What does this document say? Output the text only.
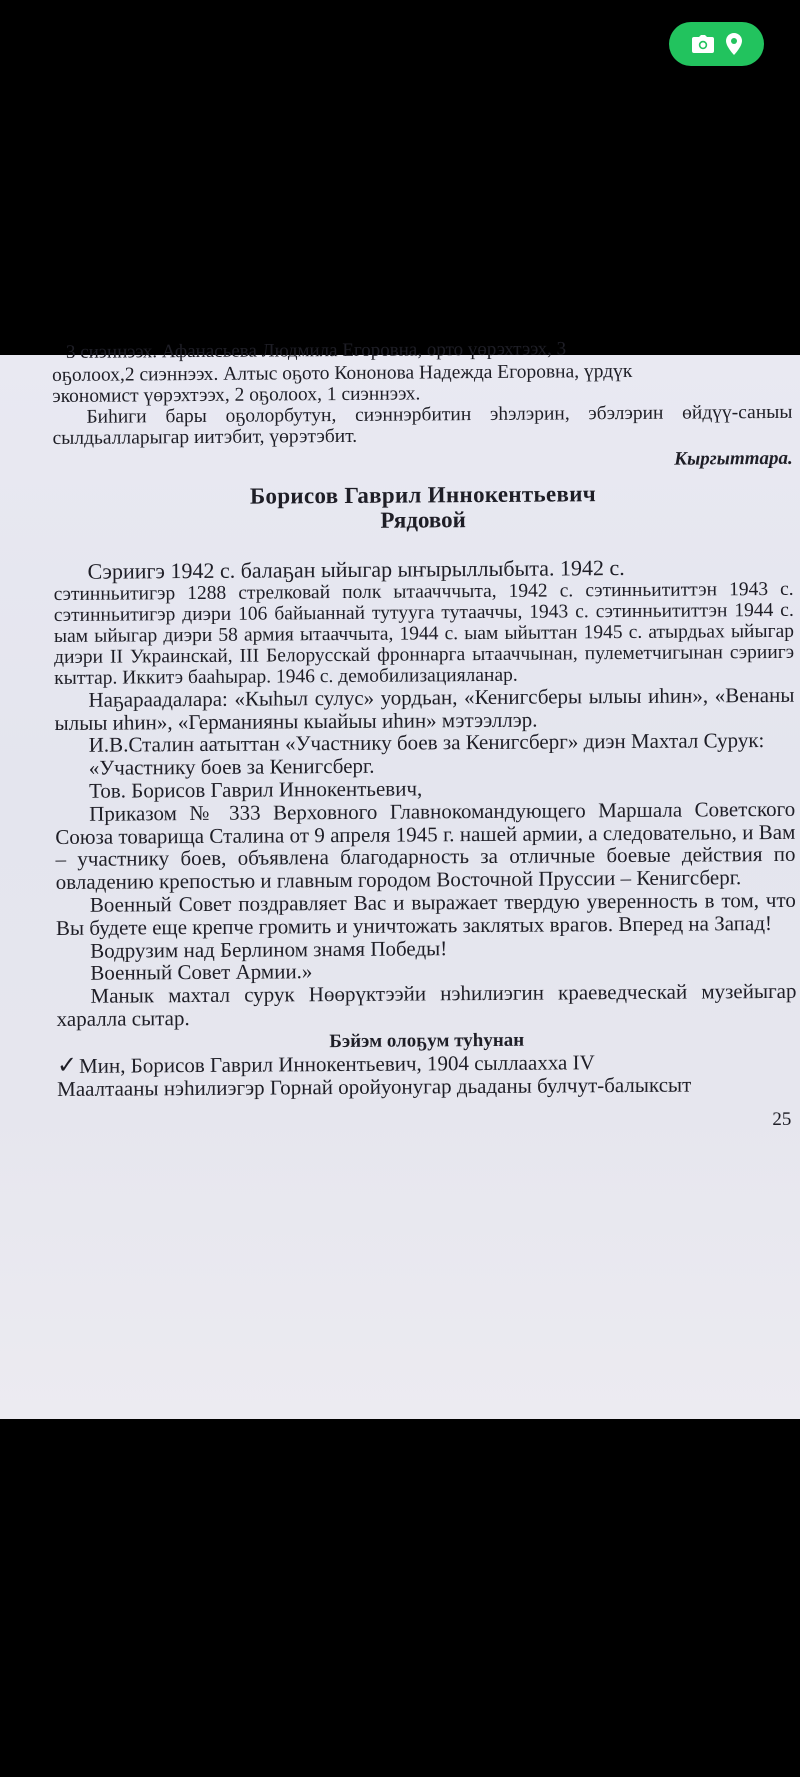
3 сиэннээх. Афанасьева Людмила Егоровна, орто үөрэхтээх, 3

оҕолоох,2 сиэннээх. Алтыс оҕото Кононова Надежда Егоровна, үрдүк

экономист үөрэхтээх, 2 оҕолоох, 1 сиэннээх.

Биһиги бары оҕолорбутун, сиэннэрбитин эһэлэрин, эбэлэрин өйдүү-саныы сылдьалларыгар иитэбит, үөрэтэбит.

Кыргыттара.

Борисов Гаврил Иннокентьевич

Рядовой

Сэриигэ 1942 с. балаҕан ыйыгар ыҥырыллыбыта. 1942 с.

сэтинньитигэр 1288 стрелковай полк ытаачччыта, 1942 с. сэтинньититтэн 1943 с. сэтинньитигэр диэри 106 байыаннай тутууга тутааччы, 1943 с. сэтинньититтэн 1944 с. ыам ыйыгар диэри 58 армия ытааччыта, 1944 с. ыам ыйыттан 1945 с. атырдьах ыйыгар диэри II Украинскай, III Белорусскай фроннарга ытааччынан, пулеметчигынан сэриигэ кыттар. Иккитэ бааһырар. 1946 с. демобилизацияланар.

Наҕараадалара: «Кыһыл сулус» уордьан, «Кенигсберы ылыы иһин», «Венаны ылыы иһин», «Германияны кыайыы иһин» мэтээллэр.

И.В.Сталин аатыттан «Участнику боев за Кенигсберг» диэн Махтал Сурук:

«Участнику боев за Кенигсберг.

Тов. Борисов Гаврил Иннокентьевич,

Приказом № 333 Верховного Главнокомандующего Маршала Советского Союза товарища Сталина от 9 апреля 1945 г. нашей армии, а следовательно, и Вам – участнику боев, объявлена благодарность за отличные боевые действия по овладению крепостью и главным городом Восточной Пруссии – Кенигсберг.

Военный Совет поздравляет Вас и выражает твердую уверенность в том, что Вы будете еще крепче громить и уничтожать заклятых врагов. Вперед на Запад!

Водрузим над Берлином знамя Победы!

Военный Совет Армии.»

Манык махтал сурук Нөөрүктээйи нэһилиэгин краеведческай музейыгар хараллa сытар.

Бэйэм олоҕум туһунан

✓Мин, Борисов Гаврил Иннокентьевич, 1904 сыллаахха IV

Маалтааны нэһилиэгэр Горнай оройуонугар дьаданы булчут-балыксыт

25
